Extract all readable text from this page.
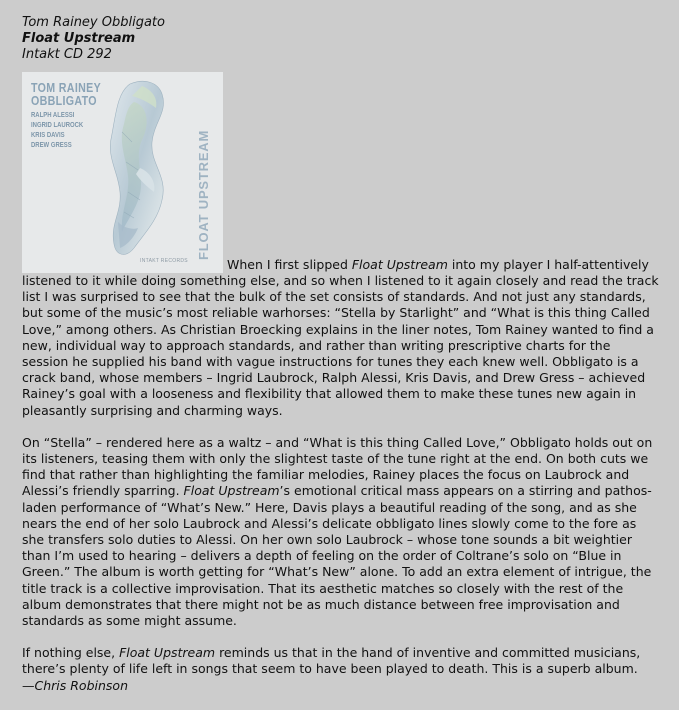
Tom Rainey Obbligato
Float Upstream
Intakt CD 292

TOM RAINEY
OBBLIGATO
RALPH ALESSI
INGRID LAUROCK
KRIS DAVIS
DREW GRESS	FLOAT UPSTREAM
INTAKT RECORDS	When I first slipped Float Upstream into my player I half-attentively listened to it while doing something else, and so when I listened to it again closely and read the track list I was surprised to see that the bulk of the set consists of standards. And not just any standards, but some of the music’s most reliable warhorses: “Stella by Starlight” and “What is this thing Called Love,” among others. As Christian Broecking explains in the liner notes, Tom Rainey wanted to find a new, individual way to approach standards, and rather than writing prescriptive charts for the session he supplied his band with vague instructions for tunes they each knew well. Obbligato is a crack band, whose members – Ingrid Laubrock, Ralph Alessi, Kris Davis, and Drew Gress – achieved Rainey’s goal with a looseness and flexibility that allowed them to make these tunes new again in pleasantly surprising and charming ways.

On “Stella” – rendered here as a waltz – and “What is this thing Called Love,” Obbligato holds out on its listeners, teasing them with only the slightest taste of the tune right at the end. On both cuts we find that rather than highlighting the familiar melodies, Rainey places the focus on Laubrock and Alessi’s friendly sparring. Float Upstream’s emotional critical mass appears on a stirring and pathos-laden performance of “What’s New.” Here, Davis plays a beautiful reading of the song, and as she nears the end of her solo Laubrock and Alessi’s delicate obbligato lines slowly come to the fore as she transfers solo duties to Alessi. On her own solo Laubrock – whose tone sounds a bit weightier than I’m used to hearing – delivers a depth of feeling on the order of Coltrane’s solo on “Blue in Green.” The album is worth getting for “What’s New” alone. To add an extra element of intrigue, the title track is a collective improvisation. That its aesthetic matches so closely with the rest of the album demonstrates that there might not be as much distance between free improvisation and standards as some might assume.

If nothing else, Float Upstream reminds us that in the hand of inventive and committed musicians, there’s plenty of life left in songs that seem to have been played to death. This is a superb album.
—Chris Robinson
